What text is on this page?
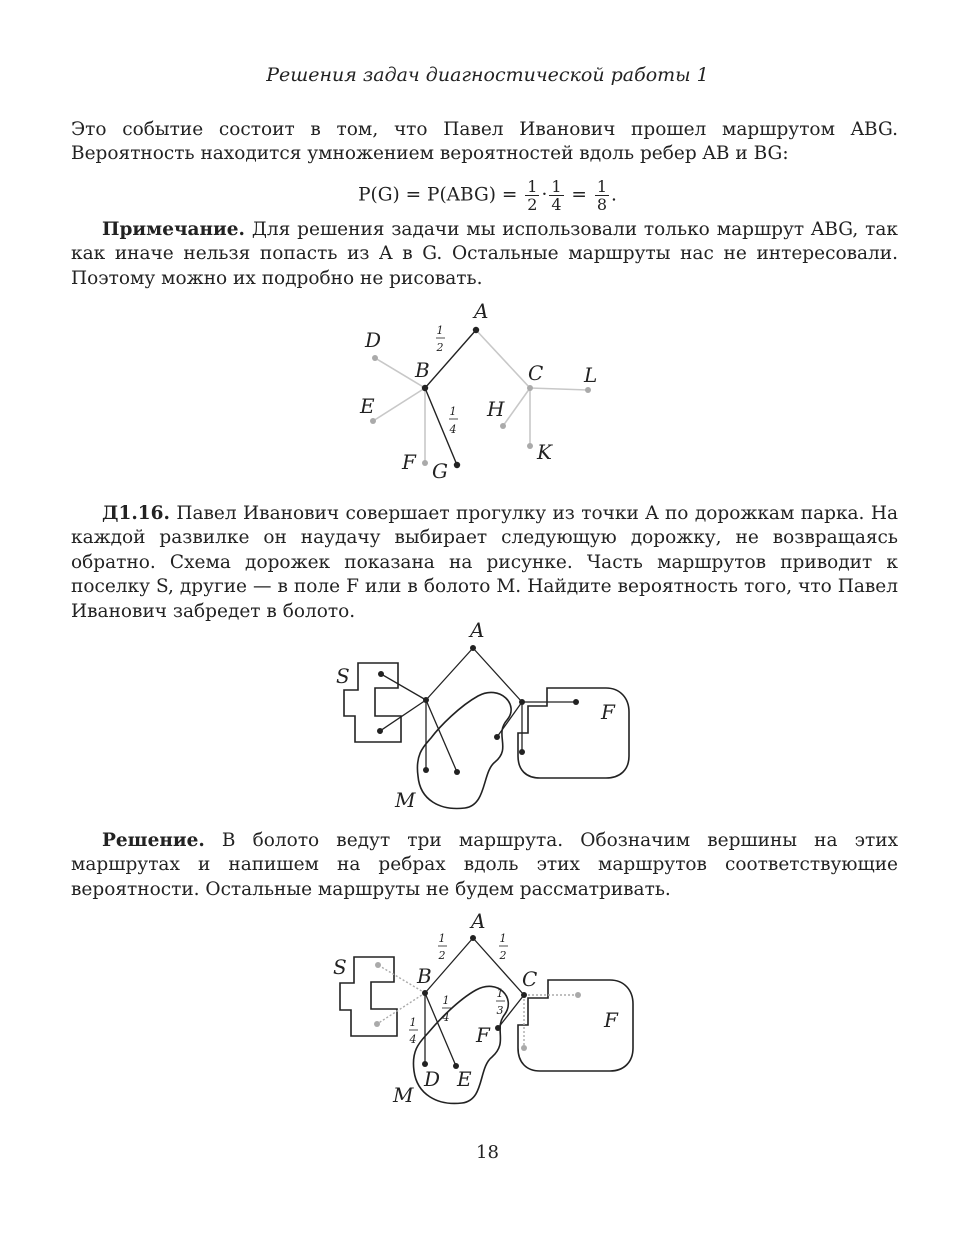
Решения задач диагностической работы 1
Это событие состоит в том, что Павел Иванович прошел маршрутом ABG. Вероятность находится умножением вероятностей вдоль ребер AB и BG:
$P(G) = P(ABG) = \frac{1}{2} \cdot \frac{1}{4} = \frac{1}{8}$ .
Примечание. Для решения задачи мы использовали только маршрут ABG, так как иначе нельзя попасть из A в G. Остальные маршруты нас не интересовали. Поэтому можно их подробно не рисовать.
A
B	C
D
E
F G
H
K
L
1
2
1
4
Д1.16. Павел Иванович совершает прогулку из точки A по дорожкам парка. На каждой развилке он наудачу выбирает следующую дорожку, не возвращаясь обратно. Схема дорожек показана на рисунке. Часть маршрутов приводит к поселку S, другие — в поле F или в болото M. Найдите вероятность того, что Павел Иванович забредет в болото.
A
S
F
M
Решение. В болото ведут три маршрута. Обозначим вершины на этих маршрутах и напишем на ребрах вдоль этих маршрутов соответствующие вероятности. Остальные маршруты не будем рассматривать.
A
S	B	C
D E
F
F
M
1
2
1
2
1
4
1
4
1
3
18
